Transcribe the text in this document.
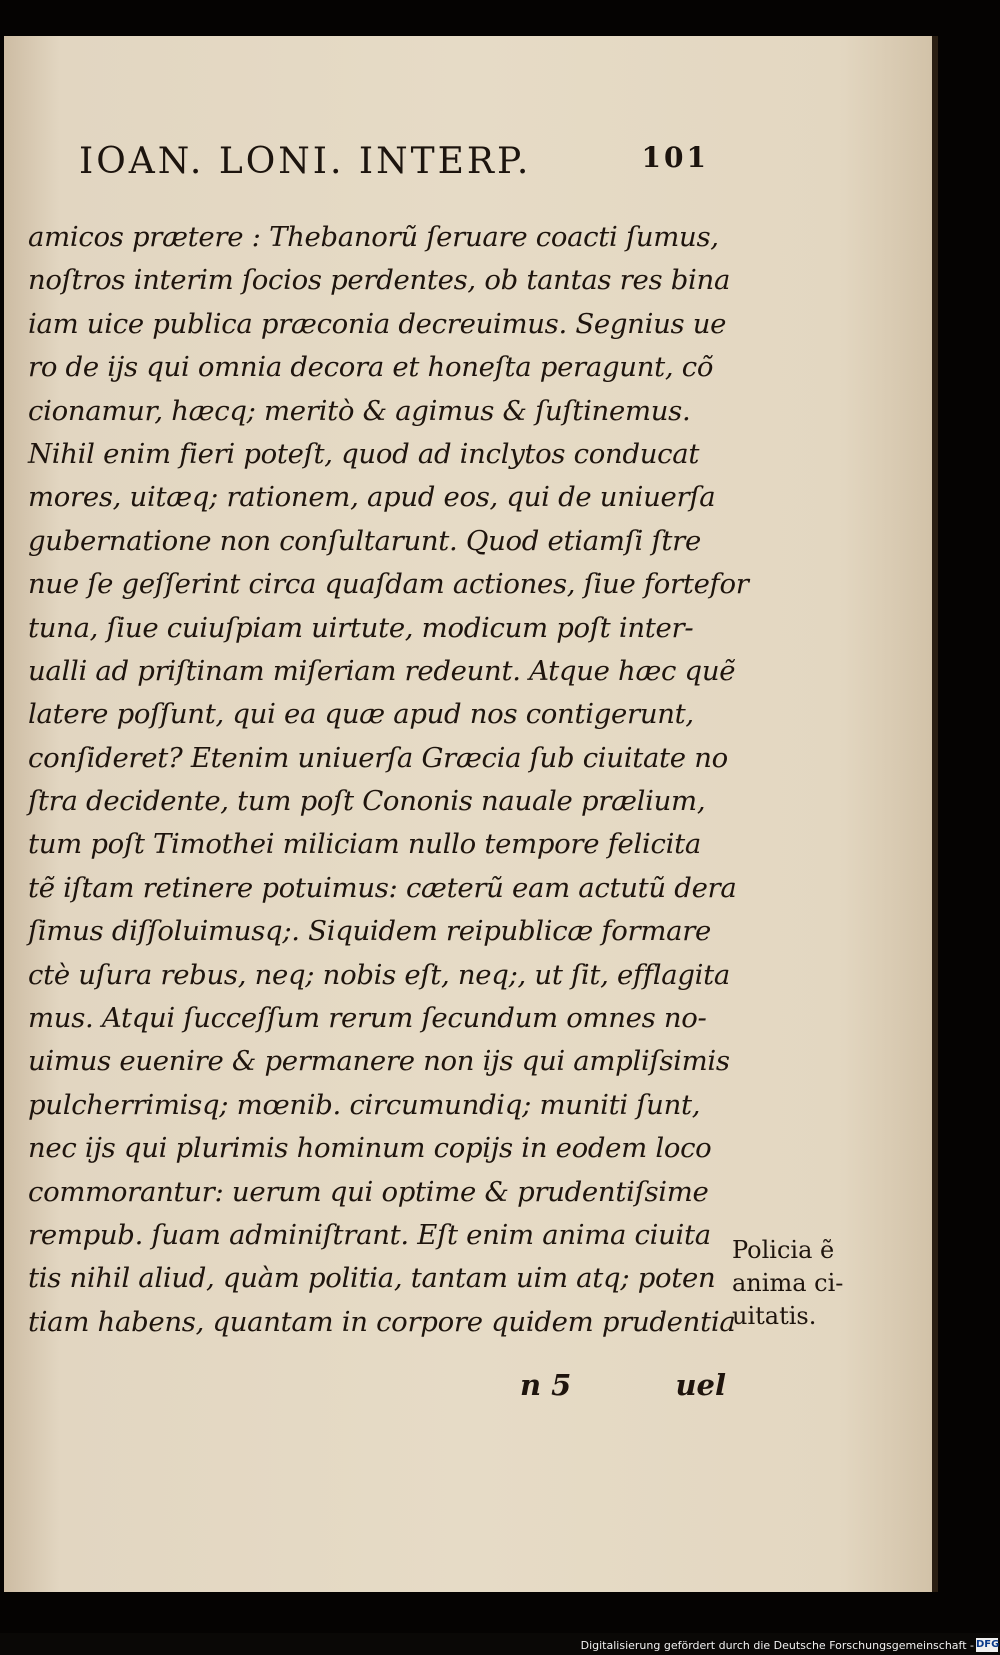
IOAN. LONI. INTERP.	101
amicos prætere : Thebanorũ ſeruare coacti ſumus,
noſtros interim ſocios perdentes, ob tantas res bina
iam uice publica præconia decreuimus. Segnius ue
ro de ijs qui omnia decora et honeſta peragunt, cõ
cionamur, hæcq; meritò & agimus & ſuſtinemus.
Nihil enim fieri poteſt, quod ad inclytos conducat
mores, uitæq; rationem, apud eos, qui de uniuerſa
gubernatione non conſultarunt. Quod etiamſi ſtre
nue ſe geſſerint circa quaſdam actiones, ſiue fortefor
tuna, ſiue cuiuſpiam uirtute, modicum poſt inter-
ualli ad priſtinam miſeriam redeunt. Atque hæc quẽ
latere poſſunt, qui ea quæ apud nos contigerunt,
conſideret? Etenim uniuerſa Græcia ſub ciuitate no
ſtra decidente, tum poſt Cononis nauale prælium,
tum poſt Timothei miliciam nullo tempore felicita
tẽ iſtam retinere potuimus: cæterũ eam actutũ dera
ſimus diſſoluimusq;. Siquidem reipublicæ formare
ctè uſura rebus, neq; nobis eſt, neq;, ut ſit, efflagita
mus. Atqui ſucceſſum rerum ſecundum omnes no-
uimus euenire & permanere non ijs qui ampliſsimis
pulcherrimisq; mœnib. circumundiq; muniti ſunt,
nec ijs qui plurimis hominum copijs in eodem loco
commorantur: uerum qui optime & prudentiſsime
rempub. ſuam adminiſtrant. Eſt enim anima ciuita
tis nihil aliud, quàm politia, tantam uim atq; poten
tiam habens, quantam in corpore quidem prudentia
Policia ẽ
anima ci-
uitatis.
n 5	uel
Digitalisierung gefördert durch die Deutsche Forschungsgemeinschaft - DFG
